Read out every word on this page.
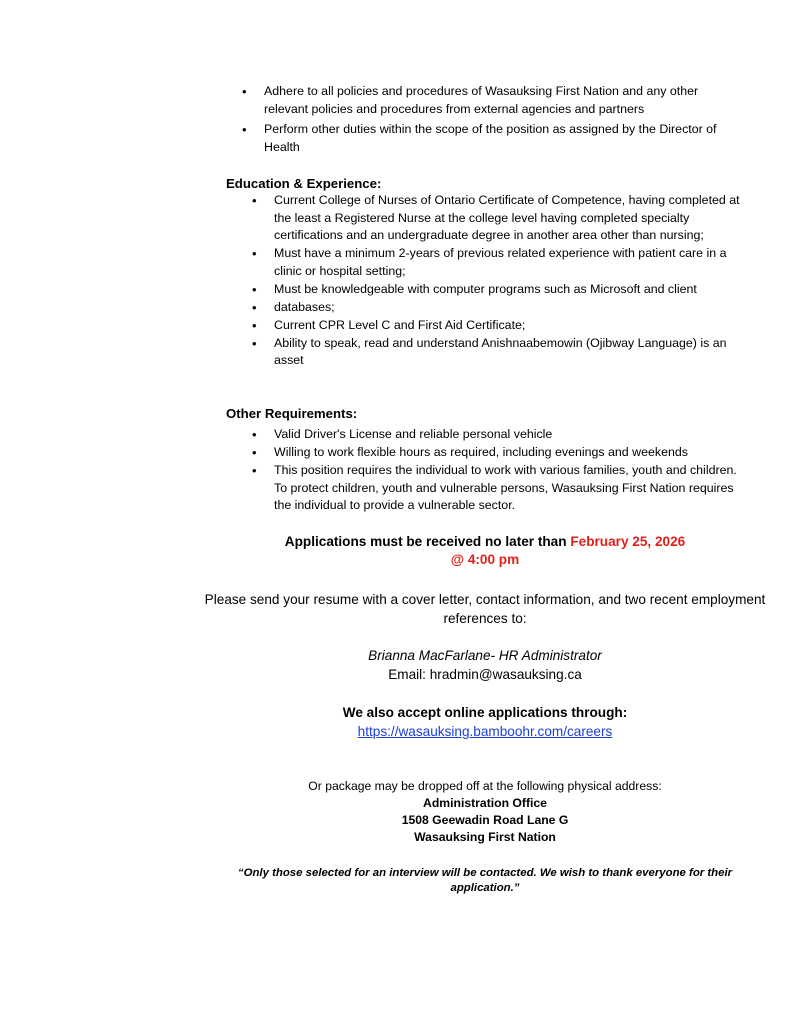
• Adhere to all policies and procedures of Wasauksing First Nation and any other relevant policies and procedures from external agencies and partners
• Perform other duties within the scope of the position as assigned by the Director of Health
Education & Experience:
• Current College of Nurses of Ontario Certificate of Competence, having completed at the least a Registered Nurse at the college level having completed specialty certifications and an undergraduate degree in another area other than nursing;
• Must have a minimum 2-years of previous related experience with patient care in a clinic or hospital setting;
• Must be knowledgeable with computer programs such as Microsoft and client
• databases;
• Current CPR Level C and First Aid Certificate;
• Ability to speak, read and understand Anishnaabemowin (Ojibway Language) is an asset
Other Requirements:
• Valid Driver's License and reliable personal vehicle
• Willing to work flexible hours as required, including evenings and weekends
• This position requires the individual to work with various families, youth and children. To protect children, youth and vulnerable persons, Wasauksing First Nation requires the individual to provide a vulnerable sector.
Applications must be received no later than February 25, 2026
@ 4:00 pm
Please send your resume with a cover letter, contact information, and two recent employment references to:
Brianna MacFarlane- HR Administrator
Email: hradmin@wasauksing.ca
We also accept online applications through:
https://wasauksing.bamboohr.com/careers
Or package may be dropped off at the following physical address:
Administration Office
1508 Geewadin Road Lane G
Wasauksing First Nation
“Only those selected for an interview will be contacted. We wish to thank everyone for their application.”
